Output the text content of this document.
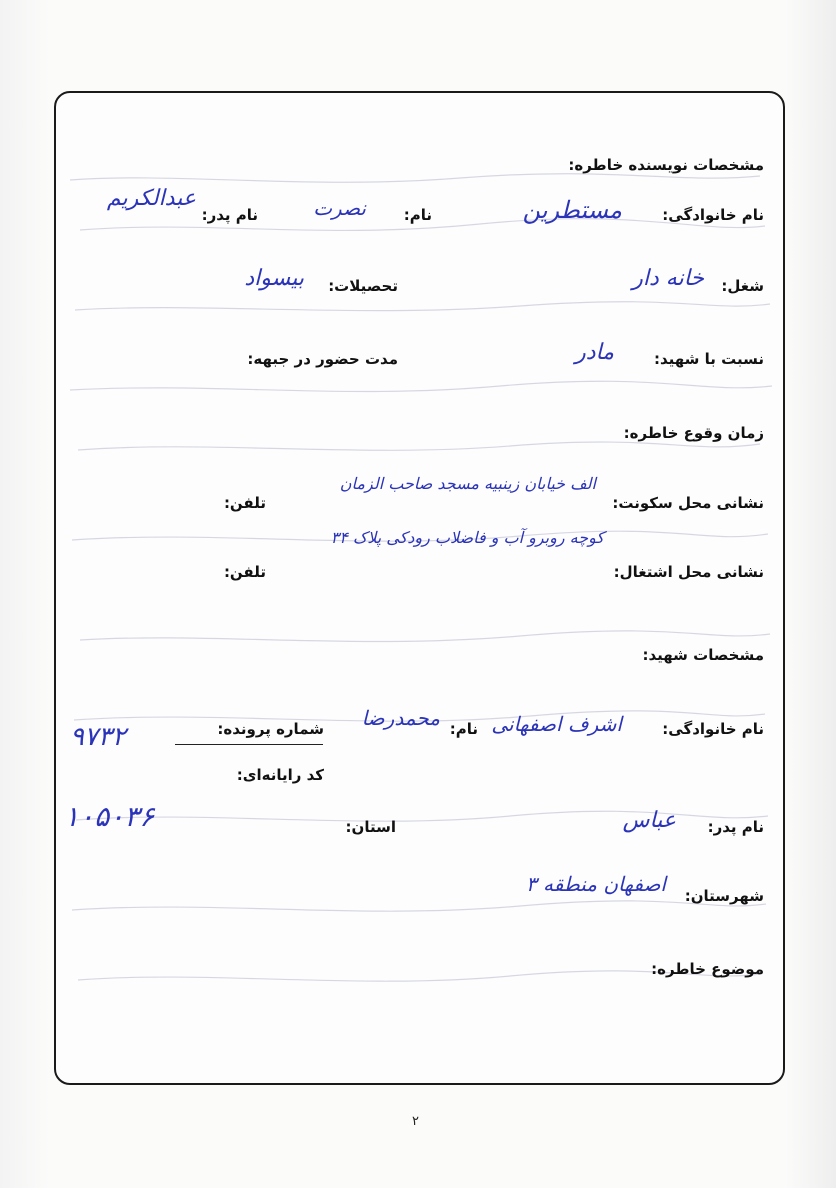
مشخصات نویسنده خاطره:
نام خانوادگی:
مستطرین
نام:
نصرت
نام پدر:
عبدالکریم
شغل:
خانه دار
تحصیلات:
بیسواد
نسبت با شهید:
مادر
مدت حضور در جبهه:
زمان وقوع خاطره:
نشانی محل سکونت:
الف خیابان زینبیه مسجد صاحب الزمان
تلفن:
کوچه روبرو آب و فاضلاب رودکی پلاک ۳۴
نشانی محل اشتغال:
تلفن:
مشخصات شهید:
نام خانوادگی:
اشرف اصفهانی
نام:
محمدرضا
شماره پرونده:
۹۷۳۲
کد رایانه‌ای:
۱۰۵۰۳۶	نام پدر:
عباس
استان:
شهرستان:
اصفهان منطقه ۳
موضوع خاطره:
۲
